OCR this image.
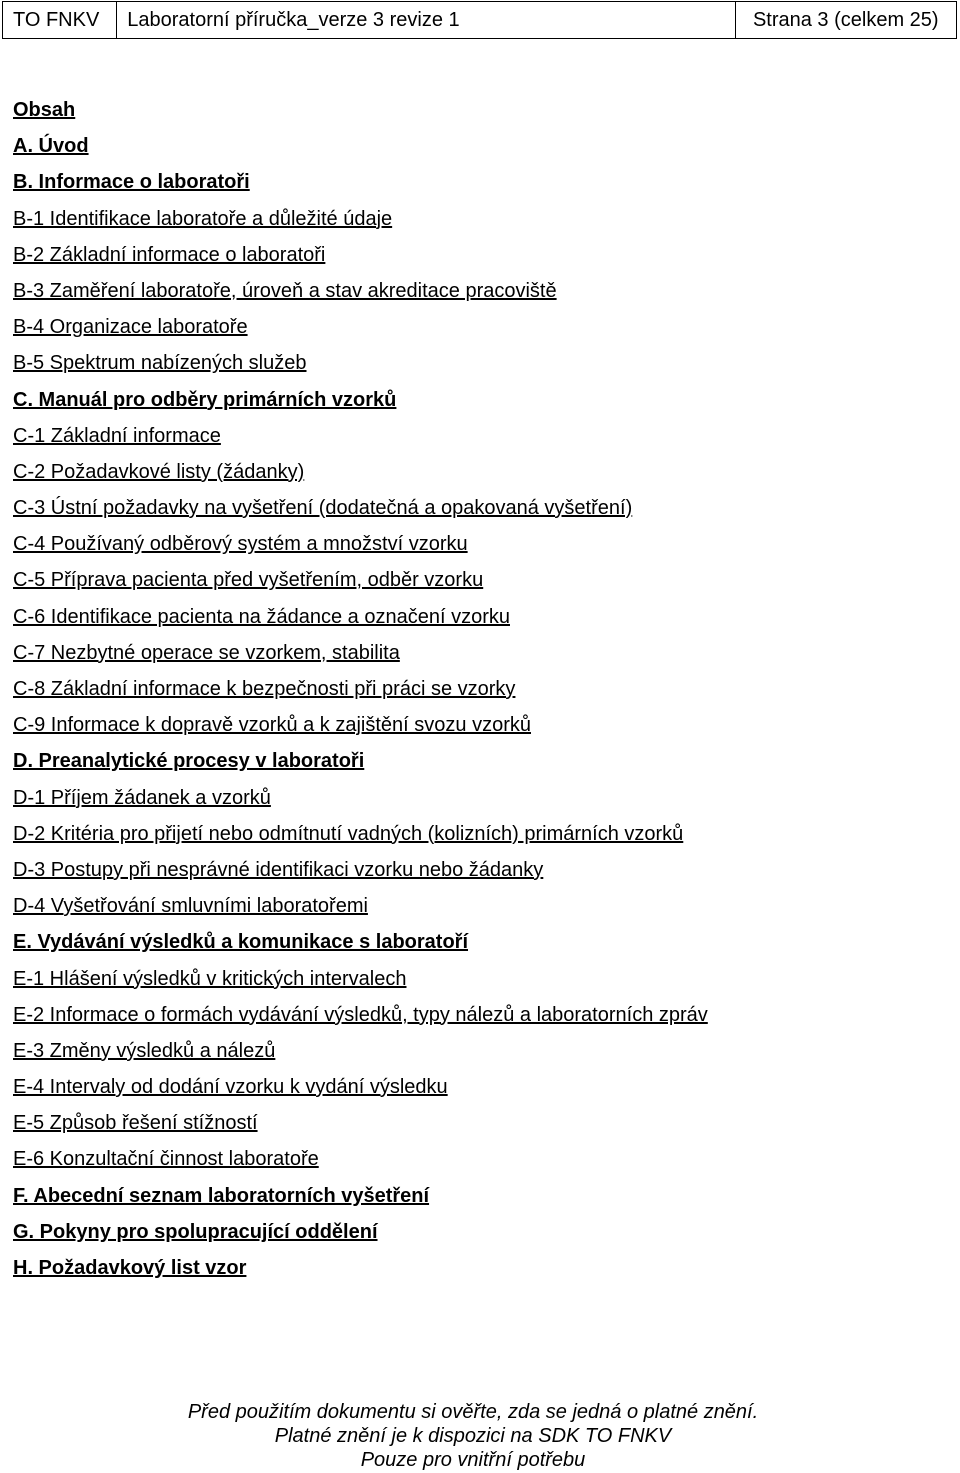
TO FNKV	Laboratorní příručka_verze 3 revize 1	Strana 3 (celkem 25)
Obsah
A. Úvod
B. Informace o laboratoři
B-1 Identifikace laboratoře a důležité údaje
B-2 Základní informace o laboratoři
B-3 Zaměření laboratoře, úroveň a stav akreditace pracoviště
B-4 Organizace laboratoře
B-5 Spektrum nabízených služeb
C. Manuál pro odběry primárních vzorků
C-1 Základní informace
C-2 Požadavkové listy (žádanky)
C-3 Ústní požadavky na vyšetření (dodatečná a opakovaná vyšetření)
C-4 Používaný odběrový systém a množství vzorku
C-5 Příprava pacienta před vyšetřením, odběr vzorku
C-6 Identifikace pacienta na žádance a označení vzorku
C-7 Nezbytné operace se vzorkem, stabilita
C-8 Základní informace k bezpečnosti při práci se vzorky
C-9 Informace k dopravě vzorků a k zajištění svozu vzorků
D. Preanalytické procesy v laboratoři
D-1 Příjem žádanek a vzorků
D-2 Kritéria pro přijetí nebo odmítnutí vadných (kolizních) primárních vzorků
D-3 Postupy při nesprávné identifikaci vzorku nebo žádanky
D-4 Vyšetřování smluvními laboratořemi
E. Vydávání výsledků a komunikace s laboratoří
E-1 Hlášení výsledků v kritických intervalech
E-2 Informace o formách vydávání výsledků, typy nálezů a laboratorních zpráv
E-3 Změny výsledků a nálezů
E-4 Intervaly od dodání vzorku k vydání výsledku
E-5 Způsob řešení stížností
E-6 Konzultační činnost laboratoře
F. Abecední seznam laboratorních vyšetření
G. Pokyny pro spolupracující oddělení
H. Požadavkový list vzor
Před použitím dokumentu si ověřte, zda se jedná o platné znění.
Platné znění je k dispozici na SDK TO FNKV
Pouze pro vnitřní potřebu
